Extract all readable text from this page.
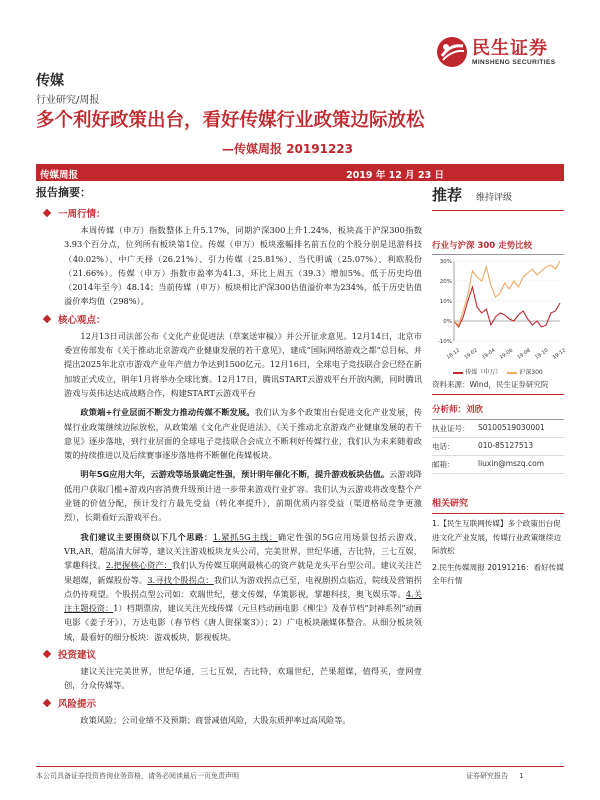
民生证券
MINSHENG SECURITIES
传媒
行业研究/周报
多个利好政策出台，看好传媒行业政策边际放松
—传媒周报 20191223
传媒周报	2019 年 12 月 23 日
报告摘要：
一周行情：

本周传媒（申万）指数整体上升5.17%，同期沪深300上升1.24%，板块高于沪深300指数3.93个百分点，位列所有板块第1位。传媒（申万）板块涨幅排名前五位的个股分别是迅游科技（40.02%）、中广天择（26.21%）、引力传媒（25.81%）、当代明诚（25.07%）、利欧股份（21.66%）。传媒（申万）指数市盈率为41.3，环比上周五（39.3）增加5%。低于历史均值（2014年至今）48.14；当前传媒（申万）板块相比沪深300估值溢价率为234%，低于历史估值溢价率均值（298%）。

核心观点：

12月13日司法部公布《文化产业促进法（草案送审稿）》并公开征求意见。12月14日，北京市委宣传部发布《关于推动北京游戏产业健康发展的若干意见》，建成“国际网络游戏之都”总目标，并提出2025年北京市游戏产业年产值力争达到1500亿元。12月16日，全球电子竞技联合会已经在新加坡正式成立，明年1月将举办全球比赛。12月17日，腾讯START云游戏平台开放内测，同时腾讯游戏与英伟达达成战略合作，构建START云游戏平台

政策端+行业层面不断发力推动传媒不断发展。我们认为多个政策出台促进文化产业发展，传媒行业政策继续边际放松，从政策端《文化产业促进法》、《关于推动北京游戏产业健康发展的若干意见》逐步落地，到行业层面的全球电子竞技联合会成立不断利好传媒行业，我们认为未来随着政策的持续推进以及后续赛事逐步落地将不断催化传媒板块。

明年5G应用大年，云游戏等场景确定性强，预计明年催化不断，提升游戏板块估值。云游戏降低用户获取门槛+游戏内容消费升级预计进一步带来游戏行业扩容。我们认为云游戏将改变整个产业链的价值分配，预计发行方最先受益（转化率提升），前期优质内容受益（渠道格局竞争更激烈），长期看好云游戏平台。

我们建议主要围绕以下几个思路：1.紧抓5G主线：确定性强的5G应用场景包括云游戏，VR,AR，超高清大屏等，建议关注游戏板块龙头公司，完美世界，世纪华通，吉比特，三七互娱，掌趣科技。2.把握核心资产：我们认为传媒互联网最核心的资产就是龙头平台型公司。建议关注芒果超媒，新媒股份等。3.寻找个股拐点：我们认为游戏拐点已至，电视剧拐点临近，院线及营销拐点仍待观望。个股拐点型公司如：欢瑞世纪，慈文传媒，华策影视，掌趣科技，奥飞娱乐等。4.关注主题投资：1）档期票房，建议关注光线传媒（元旦档动画电影《柳尘》及春节档“封神系列”动画电影《姜子牙》），万达电影（春节档《唐人街探案3》）；2）广电板块融媒体整合。从细分板块领域，最看好的细分板块：游戏板块，影视板块。

投资建议

建议关注完美世界，世纪华通，三七互娱，吉比特，欢瑞世纪，芒果超媒，值得买，壹网壹创，分众传媒等。

风险提示

政策风险；公司业绩不及预期；商誉减值风险，大股东质押率过高风险等。

推荐 维持评级
行业与沪深 300 走势比较
30%
20%
10%
0%
-10%
18-12 19-02 19-04 19-06 19-08 19-10 19-12
传媒（申万）	沪深300
资料来源：Wind，民生证券研究院
分析师：刘欣
执业证号：	S0100519030001
电话：	010-85127513
邮箱：	liuxin@mszq.com
相关研究
1.【民生互联网传媒】多个政策出台促进文化产业发展，传媒行业政策继续边际放松
2.民生传媒周报 20191216：看好传媒全年行情
本公司具备证券投资咨询业务资格，请务必阅读最后一页免责声明	证券研究报告 1
